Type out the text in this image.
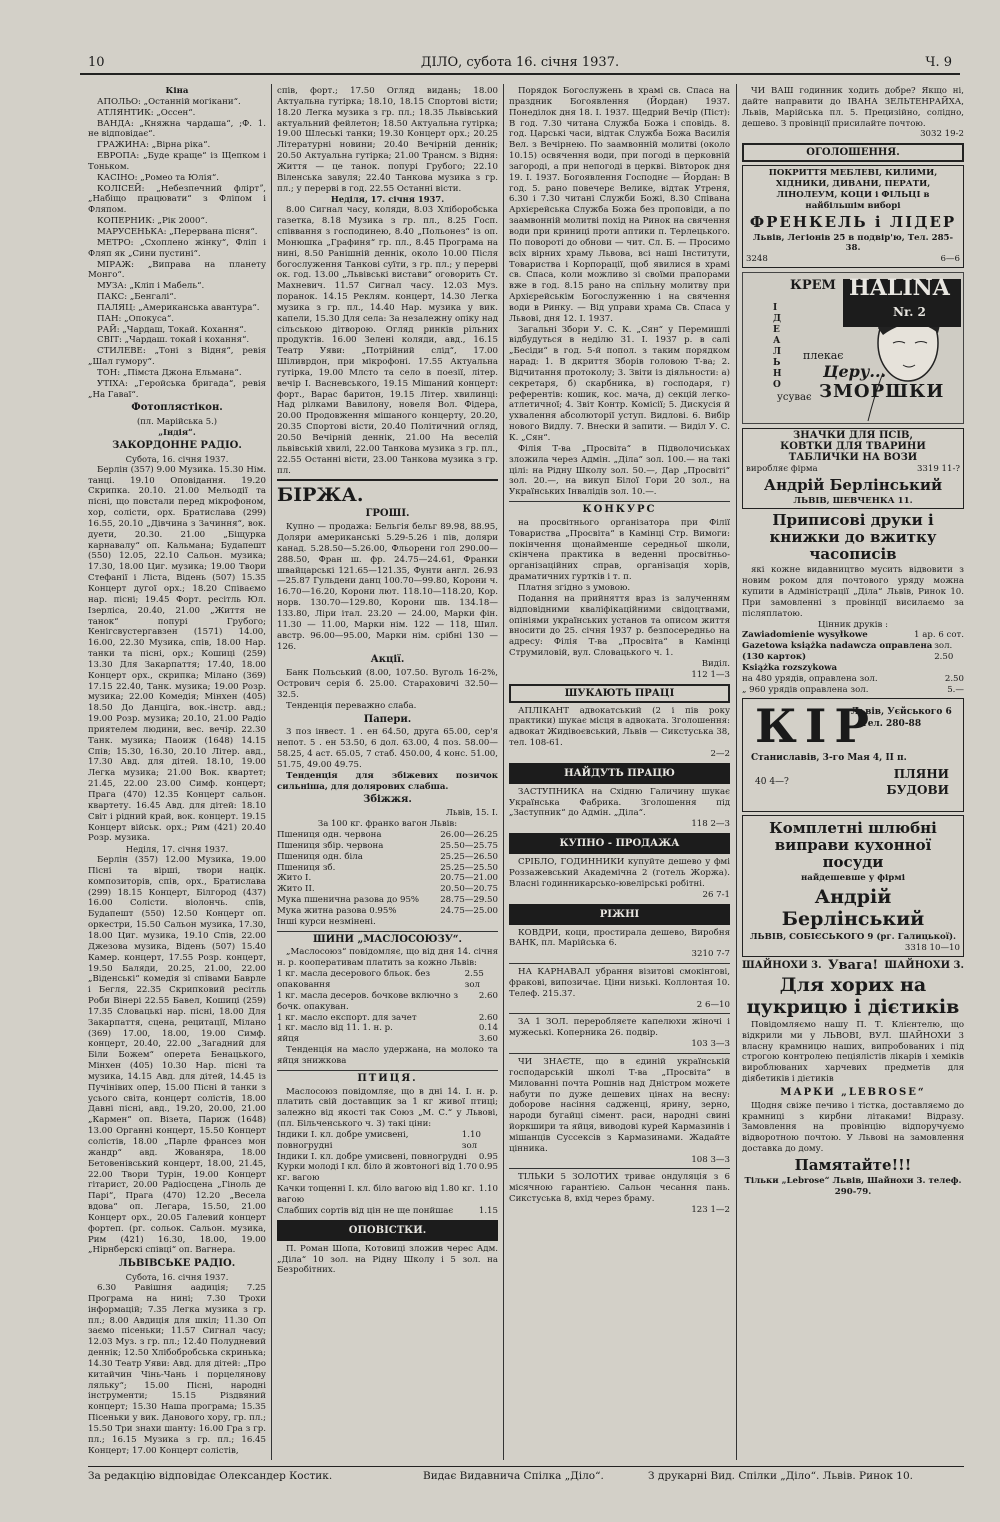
10	ДІЛО, субота 16. січня 1937.	Ч. 9

Кіна

АПОЛЬО: „Останній могікани“.

АТЛЯНТИК: „Оссен“.

ВАНДА: „Княжна чардаша“, ;Ф. 1. не відповідає“.

ГРАЖИНА: „Вірна ріка“.

ЕВРОПА: „Буде краще“ із Щепком і Тоньком.

КАСІНО: „Ромео та Юлія“.

КОЛІСЕЙ: „Небезпечний фліртˮ, „Набіщо працювати“ з Фліпом і Фляпом.

КОПЕРНИК: „Рік 2000“.

МАРУСЕНЬКА: „Перервана пісня“.

МЕТРО: „Схоплено жінку“, Фліп і Фляп як „Сини пустині“.

МІРАЖ: „Виправа на планету Монго“.

МУЗА: „Кліп і Мабель“.

ПАКС: „Бенгалі“.

ПАЛЯЦ: „Американська авантура“.

ПАН: „Опокуса“.

РАЙ: „Чардаш, Токай. Кохання“.

СВІТ: „Чардаш. токай і кохання“.

СТИЛЕВЕ: „Тоні з Відня“, ревія „Шал гумору“.

ТОН: „Пімста Джона Ельмана“.

УТІХА: „Геройська бригада“, ревія „На Гаваї“.

Фотоплястікон.

(пл. Марійська 5.)

„Індія“.

ЗАКОРДОННЕ РАДІО.

Субота, 16. січня 1937.

Берлін (357) 9.00 Музика. 15.30 Нім. танці. 19.10 Оповідання. 19.20 Скрипка. 20.10. 21.00 Мельодії та пісні, що повстали перед мікрофоном, хор, солісти, орх. Братислава (299) 16.55, 20.10 „Дівчина з Зачиння“, вок. дуети, 20.30. 21.00 „Біщурка карнавалу“ оп. Кальмана; Будапешт (550) 12.05, 22.10 Сальон. музика; 17.30, 18.00 Циг. музика; 19.00 Твори Стефанії і Ліста, Відень (507) 15.35 Концерт дугої орх.; 18.20 Співаємо нар. пісні; 19.45 Форт. ресітль Юл. Ізерліса, 20.40, 21.00 „Життя не танок“ попурі Грубого; Кенігсвустергавзен (1571) 14.00, 16.00, 22.30 Музика, спів, 18.00 Нар. танки та пісні, орх.; Кошиці (259) 13.30 Для Закарпаття; 17.40, 18.00 Концерт орх., скрипка; Мілано (369) 17.15 22.40, Танк. музика; 19.00 Розр. музика; 22.00 Комедія; Мінхен (405) 18.50 До Данціга, вок.-інстр. авд.; 19.00 Розр. музика; 20.10, 21.00 Радіо приятелем людини, вес. вечір. 22.30 Танк. музика; Паоиж (1648) 14.15 Спів; 15.30, 16.30, 20.10 Літер. авд., 17.30 Авд. для дітей. 18.10, 19.00 Легка музика; 21.00 Вок. квартет; 21.45, 22.00 23.00 Симф. концерт; Прага (470) 12.35 Концерт сальон. квартету. 16.45 Авд. для дітей: 18.10 Світ і рідний край, вок. концерт. 19.15 Концерт військ. орх.; Рим (421) 20.40 Розр. музика.

Неділя, 17. січня 1937.

Берлін (357) 12.00 Музика, 19.00 Пісні та вірші, твори націк. композиторів, спів, орх., Братислава (299) 18.15 Концерт, Білгород (437) 16.00 Солісти. віолончь. спів, Будапешт (550) 12.50 Концерт оп. оркестри, 15.50 Сальон музика, 17.30, 18.00 Циг. музика, 19.10 Спів, 22.00 Джезова музика, Відень (507) 15.40 Камер. концерт, 17.55 Розр. концерт, 19.50 Баляди, 20.25, 21.00, 22.00 „Віденські“ комедія зі співами Баврле і Бегля, 22.35 Скрипковий ресітль Роби Вінері 22.55 Бавел, Кошиці (259) 17.35 Словацькі нар. пісні, 18.00 Для Закарпаття, сцена, рецитації, Мілано (369) 17.00, 18.00, 19.00 Симф. концерт, 20.40, 22.00 „Загадний для Біли Божем“ оперета Бенацького, Мінхен (405) 10.30 Нар. пісні та музика, 14.15 Авд. для дітей, 14.45 із Пучінівих опер, 15.00 Пісні й танки з усього світа, концерт солістів, 18.00 Давні пісні, авд., 19.20, 20.00, 21.00 „Кармен“ оп. Візета, Париж (1648) 13.00 Органні концерт, 15.50 Концерт солістів, 18.00 „Парле франсез мон жандр“ авд. Жованяра, 18.00 Бетовенівський концерт, 18.00, 21.45, 22.00 Твори Турін, 19.00 Концерт гітарист, 20.00 Радіосцена „Гіноль де Парі“, Прага (470) 12.20 „Весела вдова“ оп. Легара, 15.50, 21.00 Концерт орх., 20.05 Галевий концерт фортеп. (рг. сольок. Сальон. музика, Рим (421) 16.30, 18.00, 19.00 „Нірнберскі співці“ оп. Вагнера.

ЛЬВІВСЬКЕ РАДІО.

Субота, 16. січня 1937.

6.30 Равішня аадиція; 7.25 Програма на нині; 7.30 Трохи інформацій; 7.35 Легка музика з гр. пл.; 8.00 Авдиція для шкіл; 11.30 Оп заємо пісеньки; 11.57 Сигнал часу; 12.03 Муз. з гр. пл.; 12.40 Полудневий деннік; 12.50 Хлібобробська скринька; 14.30 Театр Уяви: Авд. для дітей: „Про китайчин Чінь-Чань і порцелянову ляльку“; 15.00 Пісні, народні інструменти; 15.15 Різдвяний концерт; 15.30 Наша програма; 15.35 Пісеньки у вик. Данового хору, гр. пл.; 15.50 Три знахи шанту: 16.00 Гра з гр. пл.; 16.15 Музика з гр. пл.; 16.45 Концерт; 17.00 Концерт солістів,

спів, форт.; 17.50 Огляд видань; 18.00 Актуальна гутірка; 18.10, 18.15 Спортові вісти; 18.20 Легка музика з гр. пл.; 18.35 Львівський актуальний фейлетон; 18.50 Актуальна гутірка; 19.00 Шлеські танки; 19.30 Концерт орх.; 20.25 Літературні новини; 20.40 Вечірній деннік; 20.50 Актуальна гутірка; 21.00 Транcм. з Відня: Життя — це танок. попурі Грубого; 22.10 Віленська завуля; 22.40 Танкова музика з гр. пл.; у перерві в год. 22.55 Останні вісти.

Неділя, 17. січня 1937.

8.00 Сигнал часу, коляди, 8.03 Хліборобська газетка, 8.18 Музика з гр. пл., 8.25 Госп. співвання з господинею, 8.40 „Польонез“ із оп. Монюшка „Графиня“ гр. пл., 8.45 Програма на нині, 8.50 Ранішній деннік, около 10.00 Після богослуження Танкові суїти, з гр. пл.; у перерві ок. год. 13.00 „Львівські вистави“ оговорить Ст. Махневич. 11.57 Сигнал часу. 12.03 Муз. поранок. 14.15 Реклям. концерт, 14.30 Легка музика з гр. пл., 14.40 Нар. музика у вик. капели, 15.30 Для села: За незалежну опіку над сільською дітворою. Огляд ринків рільних продуктів. 16.00 Зелені коляди, авд., 16.15 Театр Уяви: „Потрійний слід“, 17.00 Шіливрдон, при мікрофоні. 17.55 Актуальна гутірка, 19.00 Млсто та село в поезії, літер. вечір І. Васневського, 19.15 Мішаний концерт: форт., Варас баритон, 19.15 Літер. хвилинці: Над рілками Вавилону, новеля Вол. Фідера, 20.00 Продовження мішаного концерту, 20.20, 20.35 Спортові вісти, 20.40 Політичний огляд, 20.50 Вечірній деннік, 21.00 На веселій львівській хвилі, 22.00 Танкова музика з гр. пл., 22.55 Останні вісти, 23.00 Танкова музика з гр. пл.

БІРЖА.

ГРОШІ.

Купно — продажа: Бельгія бельг 89.98, 88.95, Доляри американські 5.29-5.26 і пів, доляри канад. 5.28.50—5.26.00, Фльорени гол 290.00—288.50, Фран ш. фр. 24.75—24.61, Франки швайцарські 121.65—121.35, Фунти англ. 26.93—25.87 Гульдени данц 100.70—99.80, Корони ч. 16.70—16.20, Корони лют. 118.10—118.20, Кор. норв. 130.70—129.80, Корони шв. 134.18—133.80, Ліри італ. 23.20 — 24.00, Марки фін. 11.30 — 11.00, Марки нім. 122 — 118, Шил. австр. 96.00—95.00, Марки нім. срібні 130 — 126.

Акції.

Банк Польський (8.00, 107.50. Вуголь 16-2%, Острович серія б. 25.00. Стараховичі 32.50—32.5.

Тенденція переважно слаба.

Папери.

3 поз інвест. 1 . ен 64.50, друга 65.00, сер'я непот. 5 . ен 53.50, 6 дол. 63.00, 4 поз. 58.00—58.25, 4 аст. 65.05, 7 стаб. 450.00, 4 конс. 51.00, 51.75, 49.00 49.75.

Тенденція для збіжевих позичок сильніша, для долярових слабша.

Збіжжя.

Львів, 15. I.

За 100 кг. франко вагон Львів:

Пшениця одн. червона	26.00—26.25
Пшениця збір. червона	25.50—25.75
Пшениця одн. біла	25.25—26.50
Пшениця зб.	25.25—25.50
Жито I.	20.75—21.00
Жито ІІ.	20.50—20.75
Мука пшенична разова до 95% 28.75—29.50
Мука житна разова 0.95%	24.75—25.00
Інші курси незмінені.

ШИНИ „МАСЛОСОЮЗУ“.

„Маслосоюз“ повідомляє, що від дня 14. січня н. р. кооперативам платить за кожно Львів:

1 кг. масла десерового бльок. без опаковання
2.55 зол
1 кг. масла десеров. бочкове включно з бочк. опакуван.
2.60
1 кг. масло експорт. для зачет	2.60
1 кг. масло від 11. 1. н. р.	0.14
яйця	3.60

Тенденція на масло удержана, на молоко та яйця знижкова

ПТИЦЯ.

Маслосоюз повідомляє, що в дні 14. І. н. р. платить свій доставщик за 1 кг живої птиці; залежно від якості так Союз „М. С.“ у Львові, (пл. Більченського ч. 3) такі ціни:

Індики І. кл. добре умисвені, повногрудні
1.10 зол
Індики І. кл. добре умисвені, повногрудні 0.95
Курки молоді І кл. біло й жовтоногі від 1.70 кг. вагою
0.95
Качки тощенні І. кл. біло вагою від 1.80 кг. вагою
1.10
Слабших сортів від цін не ще понйшає	1.15
ОПОВІСТКИ.

П. Роман Шопа, Котовиці зложив черес Адм. „Діла“ 10 зол. на Рідну Школу і 5 зол. на Безробітних.

Порядок Богослужень в храмі св. Спаса на праздник Богоявлення (Йордан) 1937. Понеділок дня 18. І. 1937. Щедрий Вечір (Піст): В год. 7.30 читана Служба Божа і сповідь. 8. год. Царські часи, відтак Служба Божа Василія Вел. з Вечірнею. По заамвонній молитві (около 10.15) освячення води, при погоді в церковній загороді, а при непогоді в церкві. Вівторок дня 19. І. 1937. Богоявлення Господнє — Йордан: В год. 5. рано повечерє Велике, відтак Утреня, 6.30 і 7.30 читані Служби Божі, 8.30 Співана Архієрейська Служба Божа без проповіди, а по заамвонній молитві похід на Ринок на свячення води при криниці проти аптики п. Терлецького. По повороті до обнови — чит. Сл. Б. — Просимо всіх вірних храму Львова, всі наші Інститути, Товариства і Корпорації, щоб явилися в храмі св. Спаса, коли можливо зі своїми прапорами вже в год. 8.15 рано на спільну молитву при Архієрейськім Богослуженню і на свячення води в Ринку. — Від управи храма Св. Спаса у Львові, дня 12. І. 1937.

Загальні Збори У. С. К. „Сян“ у Перемишлі відбудуться в неділю 31. І. 1937 р. в салі „Бесіди“ в год. 5-й попол. з таким порядком нарад: 1. В дкриття Зборів головою Т-ва; 2. Відчитання протоколу; 3. Звіти із діяльности: а) секретаря, б) скарбника, в) господаря, г) референтів: кошик, кос. мача, д) секцій легко-атлетичної; 4. Звіт Контр. Комісії; 5. Дискусія й ухвалення абсолюторії уступ. Видлові. 6. Вибір нового Видлу. 7. Внески й запити. — Виділ У. С. К. „Сян“.

Філія Т-ва „Просвіта“ в Підволочиськах зложила через Адмін. „Діла“ зол. 100.— на такі цілі: на Рідну Школу зол. 50.—, Дар „Просвіті“ зол. 20.—, на викуп Білої Гори 20 зол., на Українських Інвалідів зол. 10.—.

КОНКУРС

на просвітнього організатора при Філії Товариства „Просвіта“ в Камінці Стр. Вимоги: покінчення щонайменше середньої школи, скінчена практика в веденні просвітньо-організаційних справ, організація хорів, драматичних гуртків і т. п.

Платня згідно з умовою.

Подання на прийняття враз із залученням відповідними кваліфікаційними свідоцтвами, опініями українських установ та описом життя вносити до 25. січня 1937 р. безпосередньо на адресу: Філія Т-ва „Просвіта“ в Камінці Струмиловій, вул. Словацького ч. 1.

Виділ.

112 1—3

ШУКАЮТЬ ПРАЦІ

АПЛІКАНТ адвокатський (2 і пів року практики) шукає місця в адвоката. Зголошення: адвокат Жидівоєвський, Львів — Сикстуська 38, тел. 108-61.

2—2

НАЙДУТЬ ПРАЦЮ

ЗАСТУПНИКА на Східню Галичину шукає Українська Фабрика. Зголошення під „Заступник“ до Адмін. „Діла“.

118 2—3

КУПНО - ПРОДАЖА

СРІБЛО, ГОДИННИКИ купуйте дешево у фмі Роззажевський Академічна 2 (готель Жоржа). Власні годинникарсько-ювелірські робітні.

26 7-1

РІЖНІ

КОВДРИ, коци, простирала дешево, Виробня ВАНК, пл. Марійська 6.

3210 7-7

НА КАРНАВАЛ убрання візитові смокінгові, фракові, випозичає. Ціни низькі. Коллонтая 10. Телеф. 215.37.

2 6—10

ЗА 1 ЗОЛ. переробляєте капелюхи жіночі і мужеські. Коперника 26. подвір.

103 3—3

ЧИ ЗНАЄТЕ, що в єдиній українській господарській школі Т-ва „Просвіта“ в Милованні почта Рошнів над Дністром можете набути по дуже дешевих цінах на весну: доборове насіння садженці, ярину, зерно, народи бугайці сімент. раси, народні свині йоркшири та яйця, виводові курей Кармазинів і мішанців Суссексів з Кармазинами. Жадайте цінника.

108 3—3

ТІЛЬКИ 5 ЗОЛОТИХ триває ондуляція з 6 місячною гарантією. Сальон чесання пань. Сикстуська 8, вхід через браму.

123 1—2

ЧИ ВАШ годинник ходить добре? Якщо ні, дайте направити до ІВАНА ЗЕЛЬТЕНРАЙХА, Львів, Марійська пл. 5. Прецизійно, солідно, дешево. З провінції присилайте почтою.

3032 19-2

ОГОЛОШЕННЯ.

ПОКРИТТЯ МЕБЛЕВІ, КИЛИМИ, ХІДНИКИ, ДИВАНИ, ПЕРАТИ,

ЛІНОЛЕУМ, КОЦИ і ФІЛЬЦІ в найбільшім виборі

ФРЕНКЕЛЬ і ЛІДЕР

Львів, Легіонів 25 в подвір'ю, Тел. 285-38.

3248	6—6
КРЕМ HALINA
Nr. 2
ІДЕАЛЬНО
плекає
Церу...
усуває ЗМОРШКИ

ЗНАЧКИ ДЛЯ ПСІВ,

КОВТКИ ДЛЯ ТВАРИНИ

ТАБЛИЧКИ НА ВОЗИ

виробляє фірма	3319 11-?

Андрій Берлінський

ЛЬВІВ, ШЕВЧЕНКА 11.

Приписові друки і книжки до вжитку часописів

які кожне видавництво мусить відвовити з новим роком для почтового уряду можна купити в Адміністрації „Діла“ Львів, Ринок 10. При замовленні з провінції висилаємо за післяплатою.

Цінник друків :

Zawiadomienie wysyłkowe	1 ар. 6 сот.
Gazetowa książka nadawcza оправлена (130 карток)
зол. 2.50
Książka rozszykowa
на 480 урядів, оправлена зол.	2.50
„ 960 урядів оправлена зол.	5.—
КІР
Львів, Уєйського 6
Тел. 280-88
Станиславів, 3-го Мая 4, ІІ п.
40 4—?
ПЛЯНИ
БУДОВИ

Комплетні шлюбні виправи кухонної посуди

найдешевше у фірмі

Андрій Берлінський

ЛЬВІВ, СОБІЄСЬКОГО 9 (рг. Галицької).

3318 10—10

ШАЙНОХИ 3. Увага! ШАЙНОХИ 3.

Для хорих на цукрицю і дієтиків

Повідомляємо нашу П. Т. Клієнтелю, що відкрили ми у ЛЬВОВІ, ВУЛ. ШАЙНОХИ 3 власну крамницю наших, випробованих і під строгою контролею пеціялістів лікарів і хеміків вироблюваних харчевих предметів для діябетиків і дієтиків

МАРКИ „LEBROSE“

Щодня свіже печиво і тістка, доставляємо до крамниці з кирбни літаками! Відразу. Замовлення на провінцію відпоручуємо відворотною почтою. У Львові на замовлення доставка до дому.

Памятайте!!!

Тільки „Lebrose“ Львів, Шайнохи 3. телеф. 290-79.

За редакцію відповідає Олександер Костик.	Видає Видавнича Спілка „Діло“.	З друкарні Вид. Спілки „Діло“. Львів. Ринок 10.
